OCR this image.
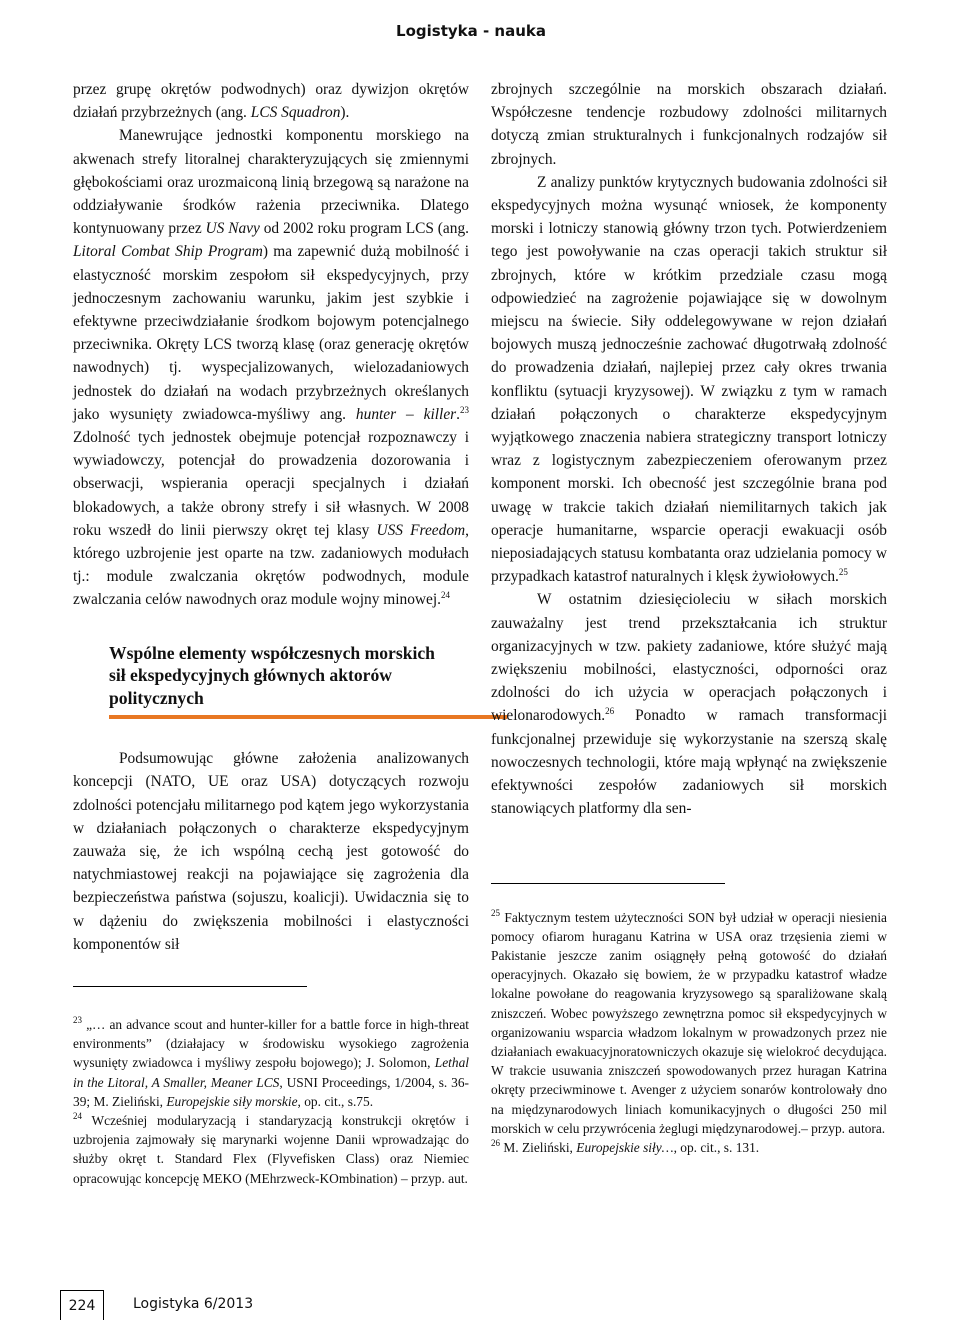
Logistyka - nauka

przez grupę okrętów podwodnych) oraz dywizjon okrętów działań przybrzeżnych (ang. LCS Squadron).

Manewrujące jednostki komponentu morskiego na akwenach strefy litoralnej charakteryzujących się zmiennymi głębokościami oraz urozmaiconą linią brzegową są narażone na oddziaływanie środków rażenia przeciwnika. Dlatego kontynuowany przez US Navy od 2002 roku program LCS (ang. Litoral Combat Ship Program) ma zapewnić dużą mobilność i elastyczność morskim zespołom sił ekspedycyjnych, przy jednoczesnym zachowaniu warunku, jakim jest szybkie i efektywne przeciwdziałanie środkom bojowym potencjalnego przeciwnika. Okręty LCS tworzą klasę (oraz generację okrętów nawodnych) tj. wyspecjalizowanych, wielozadaniowych jednostek do działań na wodach przybrzeżnych określanych jako wysunięty zwiadowca-myśliwy ang. hunter – killer.$^{23}$ Zdolność tych jednostek obejmuje potencjał rozpoznawczy i wywiadowczy, potencjał do prowadzenia dozorowania i obserwacji, wspierania operacji specjalnych i działań blokadowych, a także obrony strefy i sił własnych. W 2008 roku wszedł do linii pierwszy okręt tej klasy USS Freedom, którego uzbrojenie jest oparte na tzw. zadaniowych modułach tj.: module zwalczania okrętów podwodnych, module zwalczania celów nawodnych oraz module wojny minowej.$^{24}$

Wspólne elementy współczesnych morskich sił ekspedycyjnych głównych aktorów politycznych

Podsumowując główne założenia analizowanych koncepcji (NATO, UE oraz USA) dotyczących rozwoju zdolności potencjału militarnego pod kątem jego wykorzystania w działaniach połączonych o charakterze ekspedycyjnym zauważa się, że ich wspólną cechą jest gotowość do natychmiastowej reakcji na pojawiające się zagrożenia dla bezpieczeństwa państwa (sojuszu, koalicji). Uwidacznia się to w dążeniu do zwiększenia mobilności i elastyczności komponentów sił

$^{23}$ „… an advance scout and hunter-killer for a battle force in high-threat environments” (działajacy w środowisku wysokiego zagrożenia wysunięty zwiadowca i myśliwy zespołu bojowego); J. Solomon, Lethal in the Litoral, A Smaller, Meaner LCS, USNI Proceedings, 1/2004, s. 36-39; M. Zieliński, Europejskie siły morskie, op. cit., s.75.

$^{24}$ Wcześniej modularyzacją i standaryzacją konstrukcji okrętów i uzbrojenia zajmowały się marynarki wojenne Danii wprowadzając do służby okręt t. Standard Flex (Flyvefisken Class) oraz Niemiec opracowując koncepcję MEKO (MEhrzweck-KOmbination) – przyp. aut.

zbrojnych szczególnie na morskich obszarach działań. Współczesne tendencje rozbudowy zdolności militarnych dotyczą zmian strukturalnych i funkcjonalnych rodzajów sił zbrojnych.

Z analizy punktów krytycznych budowania zdolności sił ekspedycyjnych można wysunąć wniosek, że komponenty morski i lotniczy stanowią główny trzon tych. Potwierdzeniem tego jest powoływanie na czas operacji takich struktur sił zbrojnych, które w krótkim przedziale czasu mogą odpowiedzieć na zagrożenie pojawiające się w dowolnym miejscu na świecie. Siły oddelegowywane w rejon działań bojowych muszą jednocześnie zachować długotrwałą zdolność do prowadzenia działań, najlepiej przez cały okres trwania konfliktu (sytuacji kryzysowej). W związku z tym w ramach działań połączonych o charakterze ekspedycyjnym wyjątkowego znaczenia nabiera strategiczny transport lotniczy wraz z logistycznym zabezpieczeniem oferowanym przez komponent morski. Ich obecność jest szczególnie brana pod uwagę w trakcie takich działań niemilitarnych takich jak operacje humanitarne, wsparcie operacji ewakuacji osób nieposiadających statusu kombatanta oraz udzielania pomocy w przypadkach katastrof naturalnych i klęsk żywiołowych.$^{25}$

W ostatnim dziesięcioleciu w siłach morskich zauważalny jest trend przekształcania ich struktur organizacyjnych w tzw. pakiety zadaniowe, które służyć mają zwiększeniu mobilności, elastyczności, odporności oraz zdolności do ich użycia w operacjach połączonych i wielonarodowych.$^{26}$ Ponadto w ramach transformacji funkcjonalnej przewiduje się wykorzystanie na szerszą skalę nowoczesnych technologii, które mają wpłynąć na zwiększenie efektywności zespołów zadaniowych sił morskich stanowiących platformy dla sen-

$^{25}$ Faktycznym testem użyteczności SON był udział w operacji niesienia pomocy ofiarom huraganu Katrina w USA oraz trzęsienia ziemi w Pakistanie jeszcze zanim osiągnęły pełną gotowość do działań operacyjnych. Okazało się bowiem, że w przypadku katastrof władze lokalne powołane do reagowania kryzysowego są sparaliżowane skalą zniszczeń. Wobec powyższego zewnętrzna pomoc sił ekspedycyjnych w organizowaniu wsparcia władzom lokalnym w prowadzonych przez nie działaniach ewakuacyjnoratowniczych okazuje się wielokroć decydująca. W trakcie usuwania zniszczeń spowodowanych przez huragan Katrina okręty przeciwminowe t. Avenger z użyciem sonarów kontrolowały dno na międzynarodowych liniach komunikacyjnych o długości 250 mil morskich w celu przywrócenia żeglugi międzynarodowej.– przyp. autora.

$^{26}$ M. Zieliński, Europejskie siły…, op. cit., s. 131.

224	Logistyka 6/2013
